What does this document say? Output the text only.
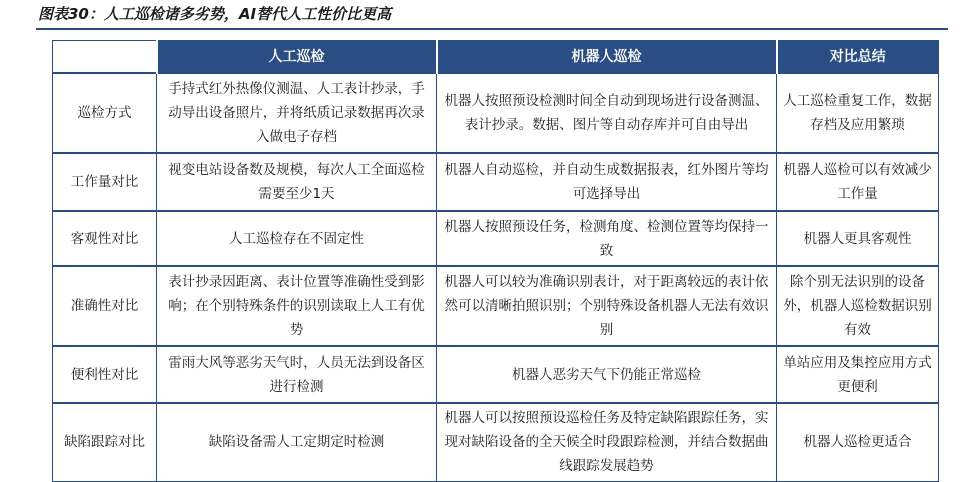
图表30：人工巡检诸多劣势，AI替代人工性价比更高
	人工巡检	机器人巡检	对比总结
巡检方式	手持式红外热像仪测温、人工表计抄录，手动导出设备照片，并将纸质记录数据再次录入做电子存档	机器人按照预设检测时间全自动到现场进行设备测温、表计抄录。数据、图片等自动存库并可自由导出	人工巡检重复工作，数据存档及应用繁琐
工作量对比	视变电站设备数及规模，每次人工全面巡检需要至少1天	机器人自动巡检，并自动生成数据报表，红外图片等均可选择导出	机器人巡检可以有效减少工作量
客观性对比	人工巡检存在不固定性	机器人按照预设任务，检测角度、检测位置等均保持一致	机器人更具客观性
准确性对比	表计抄录因距离、表计位置等准确性受到影响；在个别特殊条件的识别读取上人工有优势	机器人可以较为准确识别表计，对于距离较远的表计依然可以清晰拍照识别；个别特殊设备机器人无法有效识别	除个别无法识别的设备外，机器人巡检数据识别有效
便利性对比	雷雨大风等恶劣天气时，人员无法到设备区进行检测	机器人恶劣天气下仍能正常巡检	单站应用及集控应用方式更便利
缺陷跟踪对比	缺陷设备需人工定期定时检测	机器人可以按照预设巡检任务及特定缺陷跟踪任务，实现对缺陷设备的全天候全时段跟踪检测，并结合数据曲线跟踪发展趋势	机器人巡检更适合
